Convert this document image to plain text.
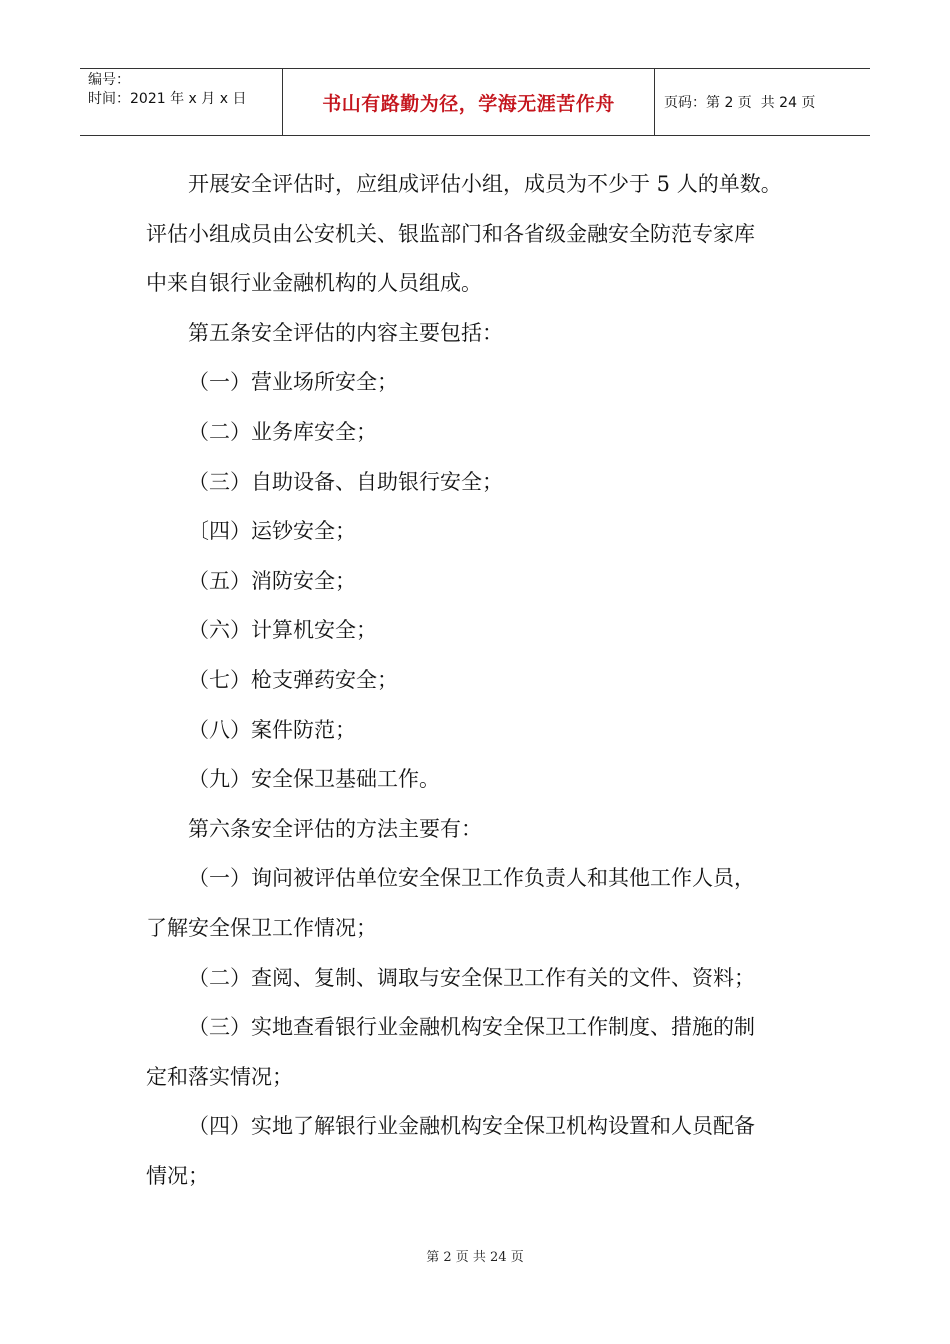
编号：
时间：2021 年 x 月 x 日	书山有路勤为径，学海无涯苦作舟	页码：第 2 页  共 24 页
开展安全评估时，应组成评估小组，成员为不少于 5 人的单数。
评估小组成员由公安机关、银监部门和各省级金融安全防范专家库
中来自银行业金融机构的人员组成。
第五条安全评估的内容主要包括：
（一）营业场所安全；
（二）业务库安全；
（三）自助设备、自助银行安全；
〔四）运钞安全；
（五）消防安全；
（六）计算机安全；
（七）枪支弹药安全；
（八）案件防范；
（九）安全保卫基础工作。
第六条安全评估的方法主要有：
（一）询问被评估单位安全保卫工作负责人和其他工作人员，
了解安全保卫工作情况；
（二）查阅、复制、调取与安全保卫工作有关的文件、资料；
（三）实地查看银行业金融机构安全保卫工作制度、措施的制
定和落实情况；
（四）实地了解银行业金融机构安全保卫机构设置和人员配备
情况；
第 2 页 共 24 页
